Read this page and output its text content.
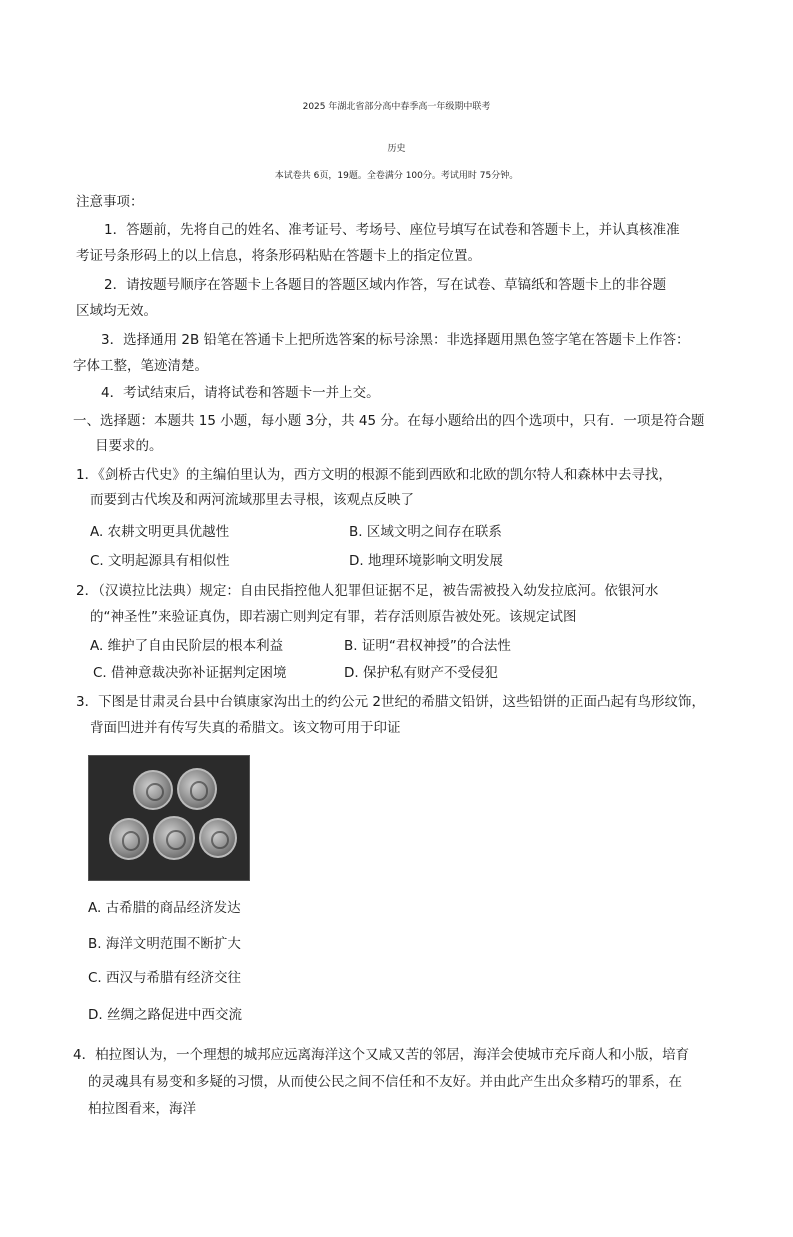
2025 年湖北省部分高中春季高一年级期中联考
历史
本试卷共 6页，19题。全卷满分 100分。考试用时 75分钟。
注意事项：
1．答题前，先将自己的姓名、准考证号、考场号、座位号填写在试卷和答题卡上，并认真核准准
考证号条形码上的以上信息，将条形码粘贴在答题卡上的指定位置。
2．请按题号顺序在答题卡上各题目的答题区域内作答，写在试卷、草镐纸和答题卡上的非谷题
区域均无效。
3．选择通用 2B 铅笔在答通卡上把所选答案的标号涂黑：非选择题用黑色签字笔在答题卡上作答：
字体工整，笔迹清楚。
4．考试结束后，请将试卷和答题卡一并上交。
一、选择题：本题共 15 小题，每小题 3分，共 45 分。在每小题给出的四个选项中，只有．一项是符合题
目要求的。
1．《剑桥古代史》的主编伯里认为，西方文明的根源不能到西欧和北欧的凯尔特人和森林中去寻找，
而要到古代埃及和两河流域那里去寻根，该观点反映了
A. 农耕文明更具优越性	B. 区域文明之间存在联系
C. 文明起源具有相似性	D. 地理环境影响文明发展
2．（汉谟拉比法典）规定：自由民指控他人犯罪但证据不足，被告需被投入幼发拉底河。依银河水
的“神圣性”来验证真伪，即若溺亡则判定有罪，若存活则原告被处死。该规定试图
A. 维护了自由民阶层的根本利益	B. 证明“君权神授”的合法性
C. 借神意裁决弥补证据判定困境	D. 保护私有财产不受侵犯
3．下图是甘肃灵台县中台镇康家沟出土的约公元 2世纪的希腊文铅饼，这些铅饼的正面凸起有鸟形纹饰，
背面凹进并有传写失真的希腊文。该文物可用于印证
A. 古希腊的商品经济发达
B. 海洋文明范围不断扩大
C. 西汉与希腊有经济交往
D. 丝绸之路促进中西交流
4．柏拉图认为，一个理想的城邦应远离海洋这个又咸又苦的邻居，海洋会使城市充斥商人和小版，培育
的灵魂具有易变和多疑的习惯，从而使公民之间不信任和不友好。并由此产生出众多精巧的罪系，在
柏拉图看来，海洋
